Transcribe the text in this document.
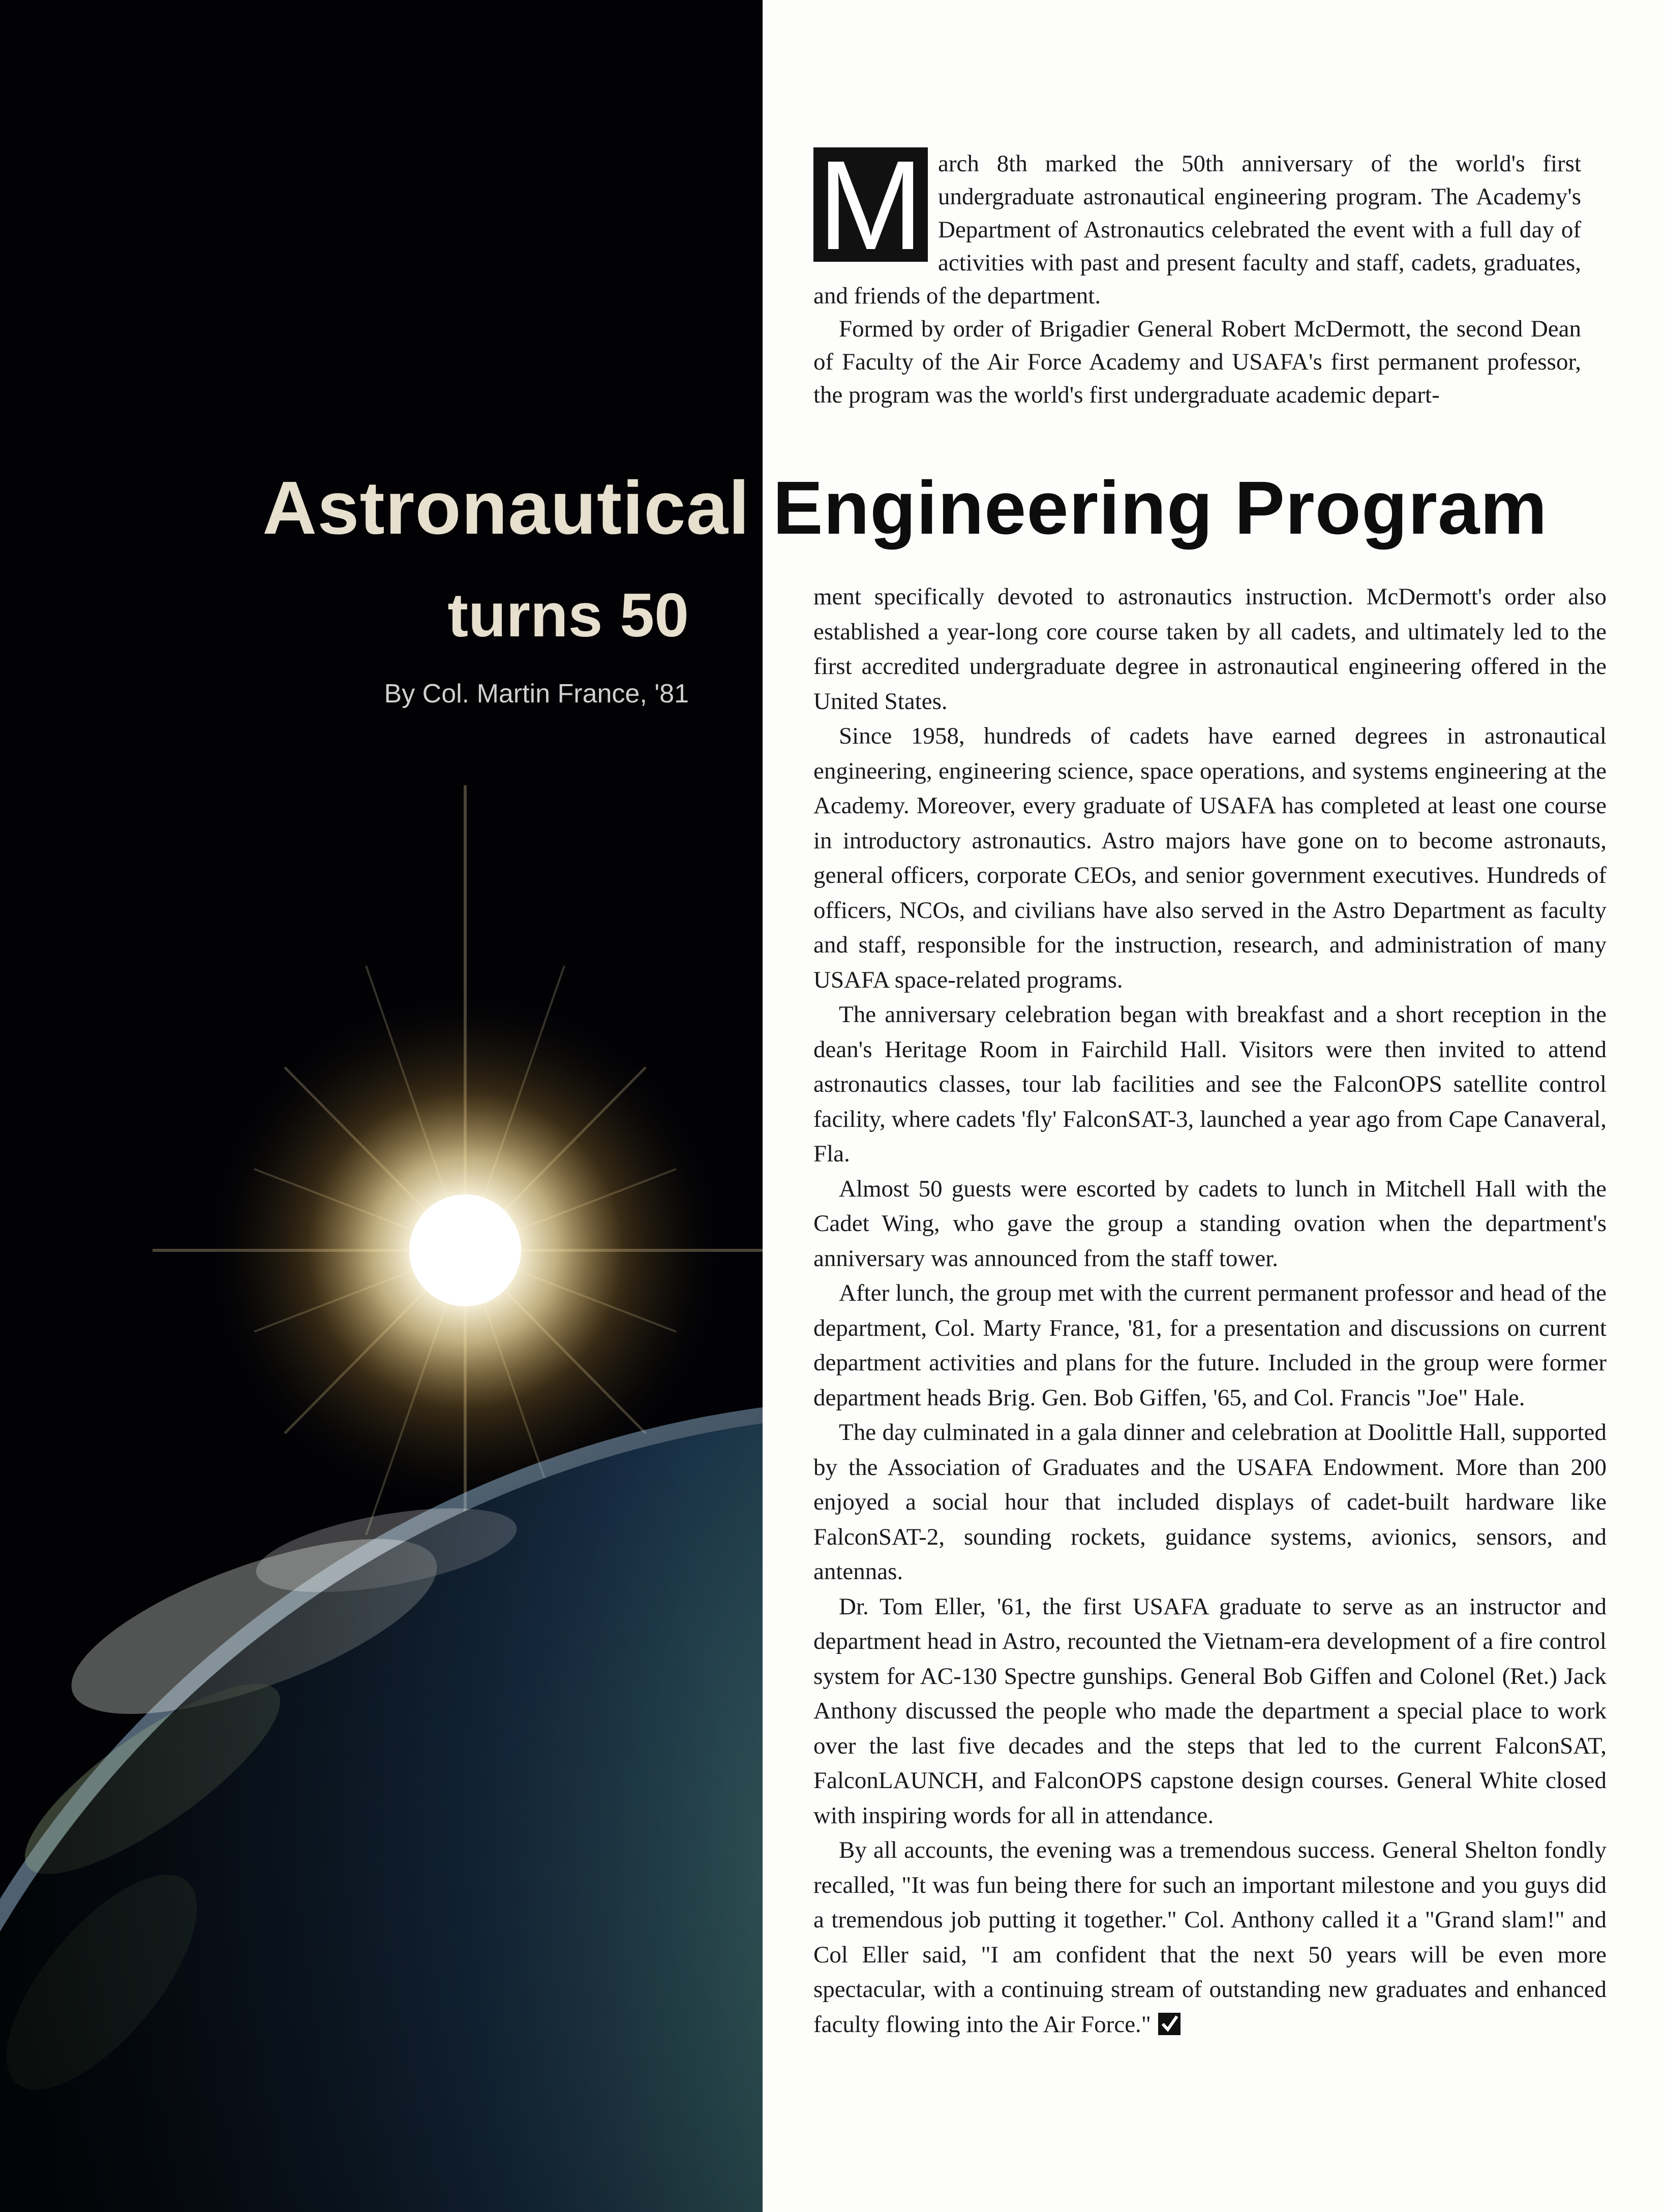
Astronautical Engineering Program
turns 50
By Col. Martin France, '81
M arch 8th marked the 50th anniversary of the world's first undergraduate astronautical engineering program. The Academy's Department of Astronautics celebrated the event with a full day of activities with past and present faculty and staff, cadets, graduates, and friends of the department.

Formed by order of Brigadier General Robert McDermott, the second Dean of Faculty of the Air Force Academy and USAFA's first permanent professor, the program was the world's first undergraduate academic depart-

ment specifically devoted to astronautics instruction. McDermott's order also established a year-long core course taken by all cadets, and ultimately led to the first accredited undergraduate degree in astronautical engineering offered in the United States.

Since 1958, hundreds of cadets have earned degrees in astronautical engineering, engineering science, space operations, and systems engineering at the Academy. Moreover, every graduate of USAFA has completed at least one course in introductory astronautics. Astro majors have gone on to become astronauts, general officers, corporate CEOs, and senior government executives. Hundreds of officers, NCOs, and civilians have also served in the Astro Department as faculty and staff, responsible for the instruction, research, and administration of many USAFA space-related programs.

The anniversary celebration began with breakfast and a short reception in the dean's Heritage Room in Fairchild Hall. Visitors were then invited to attend astronautics classes, tour lab facilities and see the FalconOPS satellite control facility, where cadets 'fly' FalconSAT-3, launched a year ago from Cape Canaveral, Fla.

Almost 50 guests were escorted by cadets to lunch in Mitchell Hall with the Cadet Wing, who gave the group a standing ovation when the department's anniversary was announced from the staff tower.

After lunch, the group met with the current permanent professor and head of the department, Col. Marty France, '81, for a presentation and discussions on current department activities and plans for the future. Included in the group were former department heads Brig. Gen. Bob Giffen, '65, and Col. Francis "Joe" Hale.

The day culminated in a gala dinner and celebration at Doolittle Hall, supported by the Association of Graduates and the USAFA Endowment. More than 200 enjoyed a social hour that included displays of cadet-built hardware like FalconSAT-2, sounding rockets, guidance systems, avionics, sensors, and antennas.

Dr. Tom Eller, '61, the first USAFA graduate to serve as an instructor and department head in Astro, recounted the Vietnam-era development of a fire control system for AC-130 Spectre gunships. General Bob Giffen and Colonel (Ret.) Jack Anthony discussed the people who made the department a special place to work over the last five decades and the steps that led to the current FalconSAT, FalconLAUNCH, and FalconOPS capstone design courses. General White closed with inspiring words for all in attendance.

By all accounts, the evening was a tremendous success. General Shelton fondly recalled, "It was fun being there for such an important milestone and you guys did a tremendous job putting it together." Col. Anthony called it a "Grand slam!" and Col Eller said, "I am confident that the next 50 years will be even more spectacular, with a continuing stream of outstanding new graduates and enhanced faculty flowing into the Air Force."
